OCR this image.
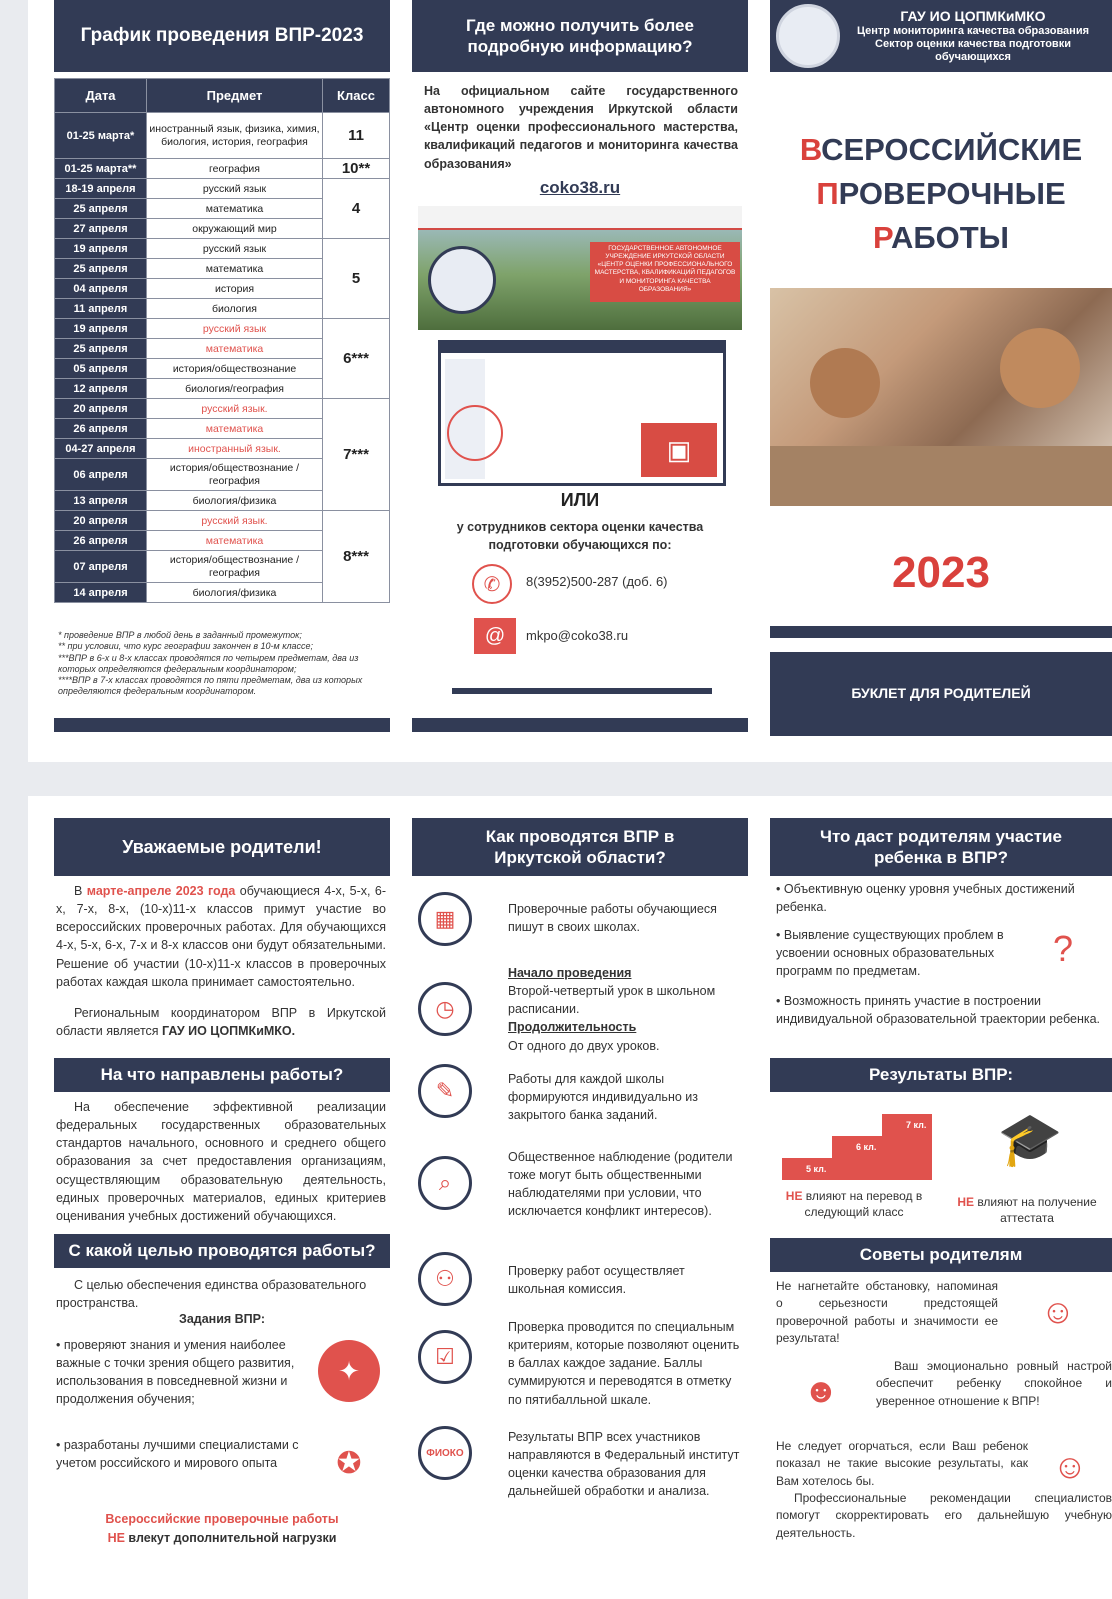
График проведения ВПР-2023
Дата	Предмет	Класс
01-25 марта*	иностранный язык, физика, химия, биология, история, география	11
01-25 марта**	география	10**
18-19 апреля	русский язык	4
25 апреля	математика	
27 апреля	окружающий мир	
19 апреля	русский язык	5
25 апреля	математика	
04 апреля	история	
11 апреля	биология	
19 апреля	русский язык	6***
25 апреля	математика	
05 апреля	история/обществознание	
12 апреля	биология/география	
20 апреля	русский язык.	7***
26 апреля	математика	
04-27 апреля	иностранный язык.	
06 апреля	история/обществознание / география	
13 апреля	биология/физика	
20 апреля	русский язык.	8***
26 апреля	математика	
07 апреля	история/обществознание / география	
14 апреля	биология/физика	
* проведение ВПР в любой день в заданный промежуток;
** при условии, что курс географии закончен в 10-м классе;
***ВПР в 6-х и 8-х классах проводятся по четырем предметам, два из которых определяются федеральным координатором;
****ВПР в 7-х классах проводятся по пяти предметам, два из которых определяются федеральным координатором.
Где можно получить более подробную информацию?
На официальном сайте государственного автономного учреждения Иркутской области «Центр оценки профессионального мастерства, квалификаций педагогов и мониторинга качества образования»
coko38.ru
ГОСУДАРСТВЕННОЕ АВТОНОМНОЕ УЧРЕЖДЕНИЕ ИРКУТСКОЙ ОБЛАСТИ «ЦЕНТР ОЦЕНКИ ПРОФЕССИОНАЛЬНОГО МАСТЕРСТВА, КВАЛИФИКАЦИЙ ПЕДАГОГОВ И МОНИТОРИНГА КАЧЕСТВА ОБРАЗОВАНИЯ»
▣
ИЛИ
у сотрудников сектора оценки качества подготовки обучающихся по:
✆	8(3952)500-287 (доб. 6)
@	mkpo@coko38.ru
ГАУ ИО ЦОПМКиМКО
Центр мониторинга качества образования
Сектор оценки качества подготовки обучающихся
ВСЕРОССИЙСКИЕ
ПРОВЕРОЧНЫЕ
РАБОТЫ
2023
БУКЛЕТ ДЛЯ РОДИТЕЛЕЙ
Уважаемые родители!
В марте-апреле 2023 года обучающиеся 4-х, 5-х, 6-х, 7-х, 8-х, (10-х)11-х классов примут участие во всероссийских проверочных работах. Для обучающихся 4-х, 5-х, 6-х, 7-х и 8-х классов они будут обязательными. Решение об участии (10-х)11-х классов в проверочных работах каждая школа принимает самостоятельно.
Региональным координатором ВПР в Иркутской области является ГАУ ИО ЦОПМКиМКО.
На что направлены работы?
На обеспечение эффективной реализации федеральных государственных образовательных стандартов начального, основного и среднего общего образования за счет предоставления организациям, осуществляющим образовательную деятельность, единых проверочных материалов, единых критериев оценивания учебных достижений обучающихся.
С какой целью проводятся работы?
С целью обеспечения единства образовательного пространства.
Задания ВПР:
• проверяют знания и умения наиболее важные с точки зрения общего развития, использования в повседневной жизни и продолжения обучения;
✦
• разработаны лучшими специалистами с учетом российского и мирового опыта	✪
Всероссийские проверочные работы
НЕ влекут дополнительной нагрузки
Как проводятся ВПР в Иркутской области?
▦	Проверочные работы обучающиеся пишут в своих школах.
◷
Начало проведения
Второй-четвертый урок в школьном расписании.
Продолжительность
От одного до двух уроков.
✎	Работы для каждой школы формируются индивидуально из закрытого банка заданий.
⌕
Общественное наблюдение (родители тоже могут быть общественными наблюдателями при условии, что исключается конфликт интересов).
⚇	Проверку работ осуществляет школьная комиссия.
☑
Проверка проводится по специальным критериям, которые позволяют оценить в баллах каждое задание. Баллы суммируются и переводятся в отметку по пятибалльной шкале.
ФИОКО
Результаты ВПР всех участников направляются в Федеральный институт оценки качества образования для дальнейшей обработки и анализа.
Что даст родителям участие ребенка в ВПР?
• Объективную оценку уровня учебных достижений ребенка.
• Выявление существующих проблем в усвоении основных образовательных программ по предметам.
?
• Возможность принять участие в построении индивидуальной образовательной траектории ребенка.
Результаты ВПР:
5 кл.
6 кл.
7 кл.	🎓
НЕ влияют на перевод в следующий класс
НЕ влияют на получение аттестата
Советы родителям
Не нагнетайте обстановку, напоминая о серьезности предстоящей проверочной работы и значимости ее результата!
☺
☻
Ваш эмоционально ровный настрой обеспечит ребенку спокойное и уверенное отношение к ВПР!
Не следует огорчаться, если Ваш ребенок показал не такие высокие результаты, как Вам хотелось бы.	☺
Профессиональные рекомендации специалистов помогут скорректировать его дальнейшую учебную деятельность.
